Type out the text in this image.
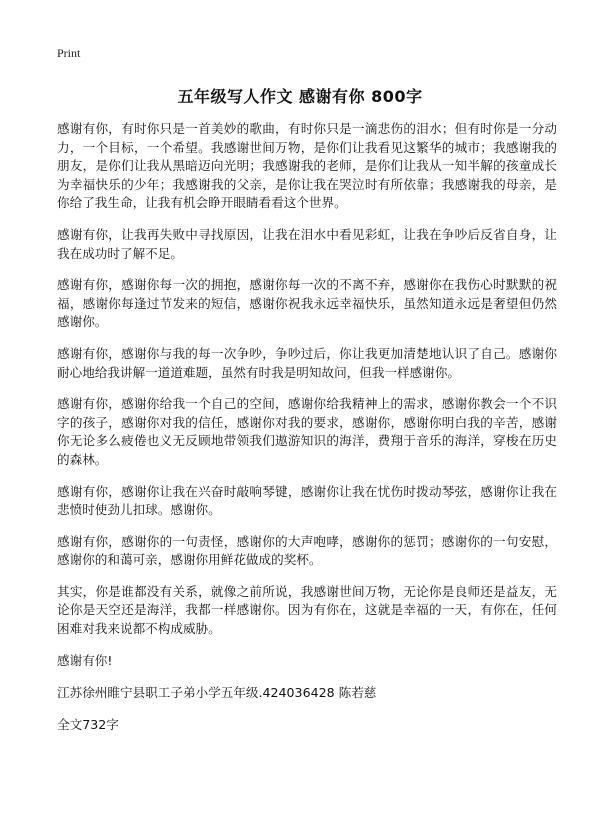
Print
五年级写人作文 感谢有你 800字

感谢有你，有时你只是一首美妙的歌曲，有时你只是一滴悲伤的泪水；但有时你是一分动力，一个目标，一个希望。我感谢世间万物，是你们让我看见这繁华的城市；我感谢我的朋友，是你们让我从黑暗迈向光明；我感谢我的老师，是你们让我从一知半解的孩童成长为幸福快乐的少年；我感谢我的父亲，是你让我在哭泣时有所依靠；我感谢我的母亲，是你给了我生命，让我有机会睁开眼睛看看这个世界。

感谢有你，让我再失败中寻找原因，让我在泪水中看见彩虹，让我在争吵后反省自身，让我在成功时了解不足。

感谢有你，感谢你每一次的拥抱，感谢你每一次的不离不弃，感谢你在我伤心时默默的祝福，感谢你每逢过节发来的短信，感谢你祝我永远幸福快乐，虽然知道永远是奢望但仍然感谢你。

感谢有你，感谢你与我的每一次争吵，争吵过后，你让我更加清楚地认识了自己。感谢你耐心地给我讲解一道道难题，虽然有时我是明知故问，但我一样感谢你。

感谢有你，感谢你给我一个自己的空间，感谢你给我精神上的需求，感谢你教会一个不识字的孩子，感谢你对我的信任，感谢你对我的要求，感谢你，感谢你明白我的辛苦，感谢你无论多么疲倦也义无反顾地带领我们遨游知识的海洋，费翔于音乐的海洋，穿梭在历史的森林。

感谢有你，感谢你让我在兴奋时敲响琴键，感谢你让我在忧伤时拨动琴弦，感谢你让我在悲愤时使劲儿扣球。感谢你。

感谢有你，感谢你的一句责怪，感谢你的大声咆哮，感谢你的惩罚；感谢你的一句安慰，感谢你的和蔼可亲，感谢你用鲜花做成的奖杯。

其实，你是谁都没有关系，就像之前所说，我感谢世间万物，无论你是良师还是益友，无论你是天空还是海洋，我都一样感谢你。因为有你在，这就是幸福的一天，有你在，任何困难对我来说都不构成威胁。

感谢有你!

江苏徐州睢宁县职工子弟小学五年级.424036428 陈若慈

全文732字
